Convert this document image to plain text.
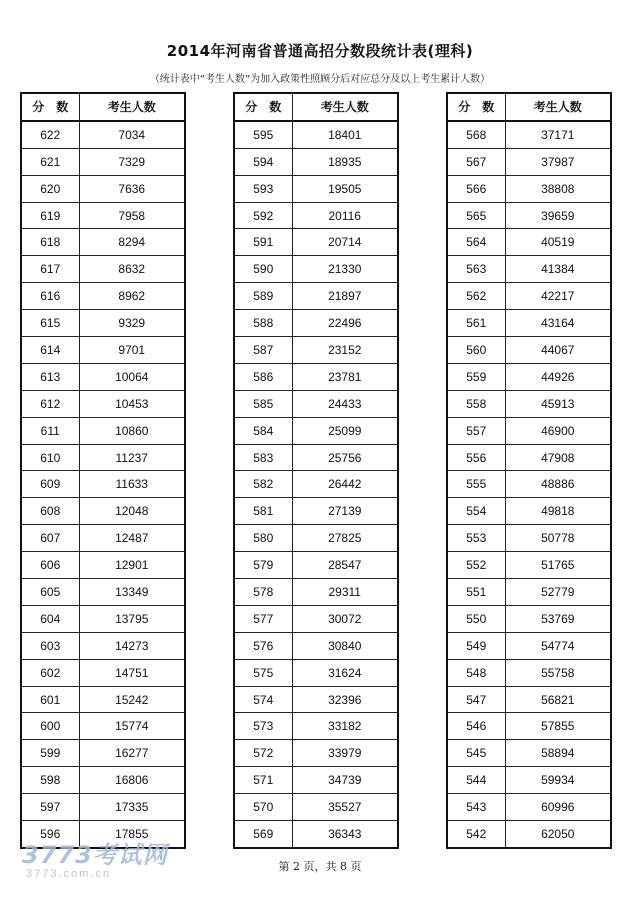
2014年河南省普通高招分数段统计表(理科)
（统计表中“考生人数”为加入政策性照顾分后对应总分及以上考生累计人数）
分　数	考生人数
622	7034
621	7329
620	7636
619	7958
618	8294
617	8632
616	8962
615	9329
614	9701
613	10064
612	10453
611	10860
610	11237
609	11633
608	12048
607	12487
606	12901
605	13349
604	13795
603	14273
602	14751
601	15242
600	15774
599	16277
598	16806
597	17335
596	17855
分　数	考生人数
595	18401
594	18935
593	19505
592	20116
591	20714
590	21330
589	21897
588	22496
587	23152
586	23781
585	24433
584	25099
583	25756
582	26442
581	27139
580	27825
579	28547
578	29311
577	30072
576	30840
575	31624
574	32396
573	33182
572	33979
571	34739
570	35527
569	36343
分　数	考生人数
568	37171
567	37987
566	38808
565	39659
564	40519
563	41384
562	42217
561	43164
560	44067
559	44926
558	45913
557	46900
556	47908
555	48886
554	49818
553	50778
552	51765
551	52779
550	53769
549	54774
548	55758
547	56821
546	57855
545	58894
544	59934
543	60996
542	62050
3773考试网
3773.com.cn
第 2 页，共 8 页
